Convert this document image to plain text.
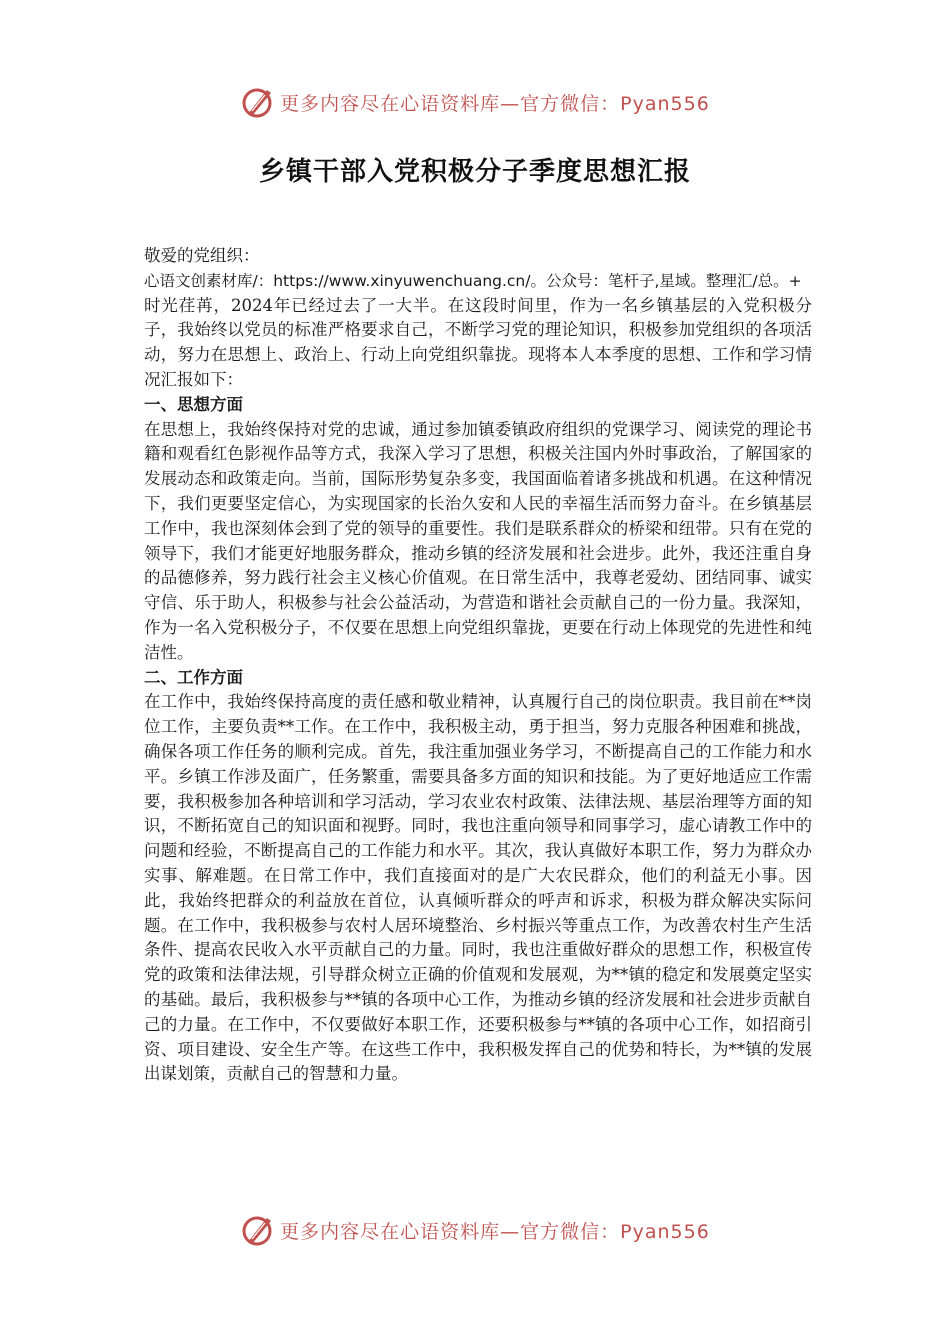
更多内容尽在心语资料库—官方微信：Pyan556
乡镇干部入党积极分子季度思想汇报

敬爱的党组织：

心语文创素材库/：https://www.xinyuwenchuang.cn/。公众号：笔杆子,星域。整理汇/总。+

时光荏苒，2024年已经过去了一大半。在这段时间里，作为一名乡镇基层的入党积极分子，我始终以党员的标准严格要求自己，不断学习党的理论知识，积极参加党组织的各项活动，努力在思想上、政治上、行动上向党组织靠拢。现将本人本季度的思想、工作和学习情况汇报如下：

一、思想方面

在思想上，我始终保持对党的忠诚，通过参加镇委镇政府组织的党课学习、阅读党的理论书籍和观看红色影视作品等方式，我深入学习了思想，积极关注国内外时事政治，了解国家的发展动态和政策走向。当前，国际形势复杂多变，我国面临着诸多挑战和机遇。在这种情况下，我们更要坚定信心，为实现国家的长治久安和人民的幸福生活而努力奋斗。在乡镇基层工作中，我也深刻体会到了党的领导的重要性。我们是联系群众的桥梁和纽带。只有在党的领导下，我们才能更好地服务群众，推动乡镇的经济发展和社会进步。此外，我还注重自身的品德修养，努力践行社会主义核心价值观。在日常生活中，我尊老爱幼、团结同事、诚实守信、乐于助人，积极参与社会公益活动，为营造和谐社会贡献自己的一份力量。我深知，作为一名入党积极分子，不仅要在思想上向党组织靠拢，更要在行动上体现党的先进性和纯洁性。

二、工作方面

在工作中，我始终保持高度的责任感和敬业精神，认真履行自己的岗位职责。我目前在**岗位工作，主要负责**工作。在工作中，我积极主动，勇于担当，努力克服各种困难和挑战，确保各项工作任务的顺利完成。首先，我注重加强业务学习，不断提高自己的工作能力和水平。乡镇工作涉及面广，任务繁重，需要具备多方面的知识和技能。为了更好地适应工作需要，我积极参加各种培训和学习活动，学习农业农村政策、法律法规、基层治理等方面的知识，不断拓宽自己的知识面和视野。同时，我也注重向领导和同事学习，虚心请教工作中的问题和经验，不断提高自己的工作能力和水平。其次，我认真做好本职工作，努力为群众办实事、解难题。在日常工作中，我们直接面对的是广大农民群众，他们的利益无小事。因此，我始终把群众的利益放在首位，认真倾听群众的呼声和诉求，积极为群众解决实际问题。在工作中，我积极参与农村人居环境整治、乡村振兴等重点工作，为改善农村生产生活条件、提高农民收入水平贡献自己的力量。同时，我也注重做好群众的思想工作，积极宣传党的政策和法律法规，引导群众树立正确的价值观和发展观，为**镇的稳定和发展奠定坚实的基础。最后，我积极参与**镇的各项中心工作，为推动乡镇的经济发展和社会进步贡献自己的力量。在工作中，不仅要做好本职工作，还要积极参与**镇的各项中心工作，如招商引资、项目建设、安全生产等。在这些工作中，我积极发挥自己的优势和特长，为**镇的发展出谋划策，贡献自己的智慧和力量。

更多内容尽在心语资料库—官方微信：Pyan556
